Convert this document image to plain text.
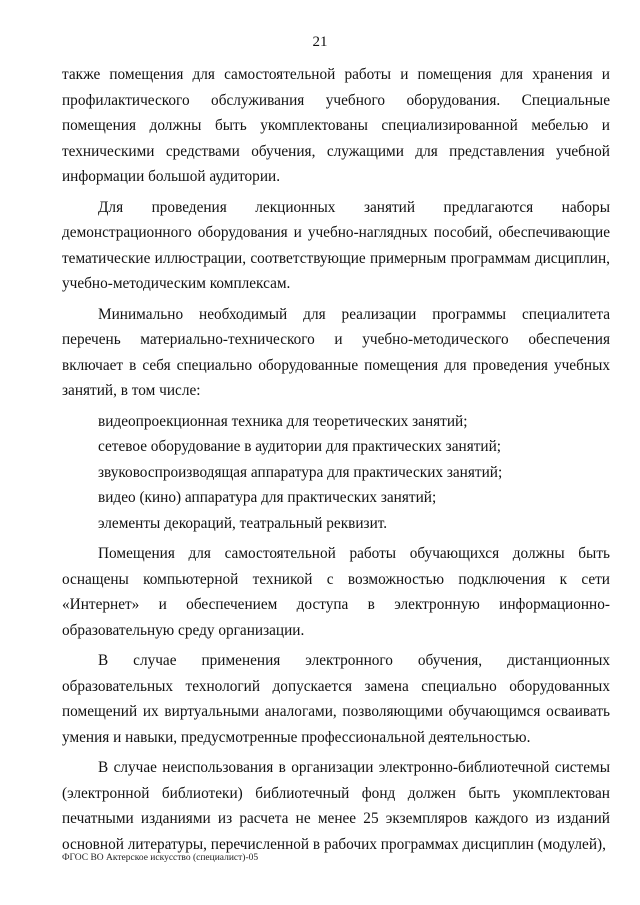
21

также помещения для самостоятельной работы и помещения для хранения и профилактического обслуживания учебного оборудования. Специальные помещения должны быть укомплектованы специализированной мебелью и техническими средствами обучения, служащими для представления учебной информации большой аудитории.

Для проведения лекционных занятий предлагаются наборы демонстрационного оборудования и учебно-наглядных пособий, обеспечивающие тематические иллюстрации, соответствующие примерным программам дисциплин, учебно-методическим комплексам.

Минимально необходимый для реализации программы специалитета перечень материально-технического и учебно-методического обеспечения включает в себя специально оборудованные помещения для проведения учебных занятий, в том числе:

видеопроекционная техника для теоретических занятий;
сетевое оборудование в аудитории для практических занятий;
звуковоспроизводящая аппаратура для практических занятий;
видео (кино) аппаратура для практических занятий;
элементы декораций, театральный реквизит.

Помещения для самостоятельной работы обучающихся должны быть оснащены компьютерной техникой с возможностью подключения к сети «Интернет» и обеспечением доступа в электронную информационно-образовательную среду организации.

В случае применения электронного обучения, дистанционных образовательных технологий допускается замена специально оборудованных помещений их виртуальными аналогами, позволяющими обучающимся осваивать умения и навыки, предусмотренные профессиональной деятельностью.

В случае неиспользования в организации электронно-библиотечной системы (электронной библиотеки) библиотечный фонд должен быть укомплектован печатными изданиями из расчета не менее 25 экземпляров каждого из изданий основной литературы, перечисленной в рабочих программах дисциплин (модулей),

ФГОС ВО Актерское искусство (специалист)-05
